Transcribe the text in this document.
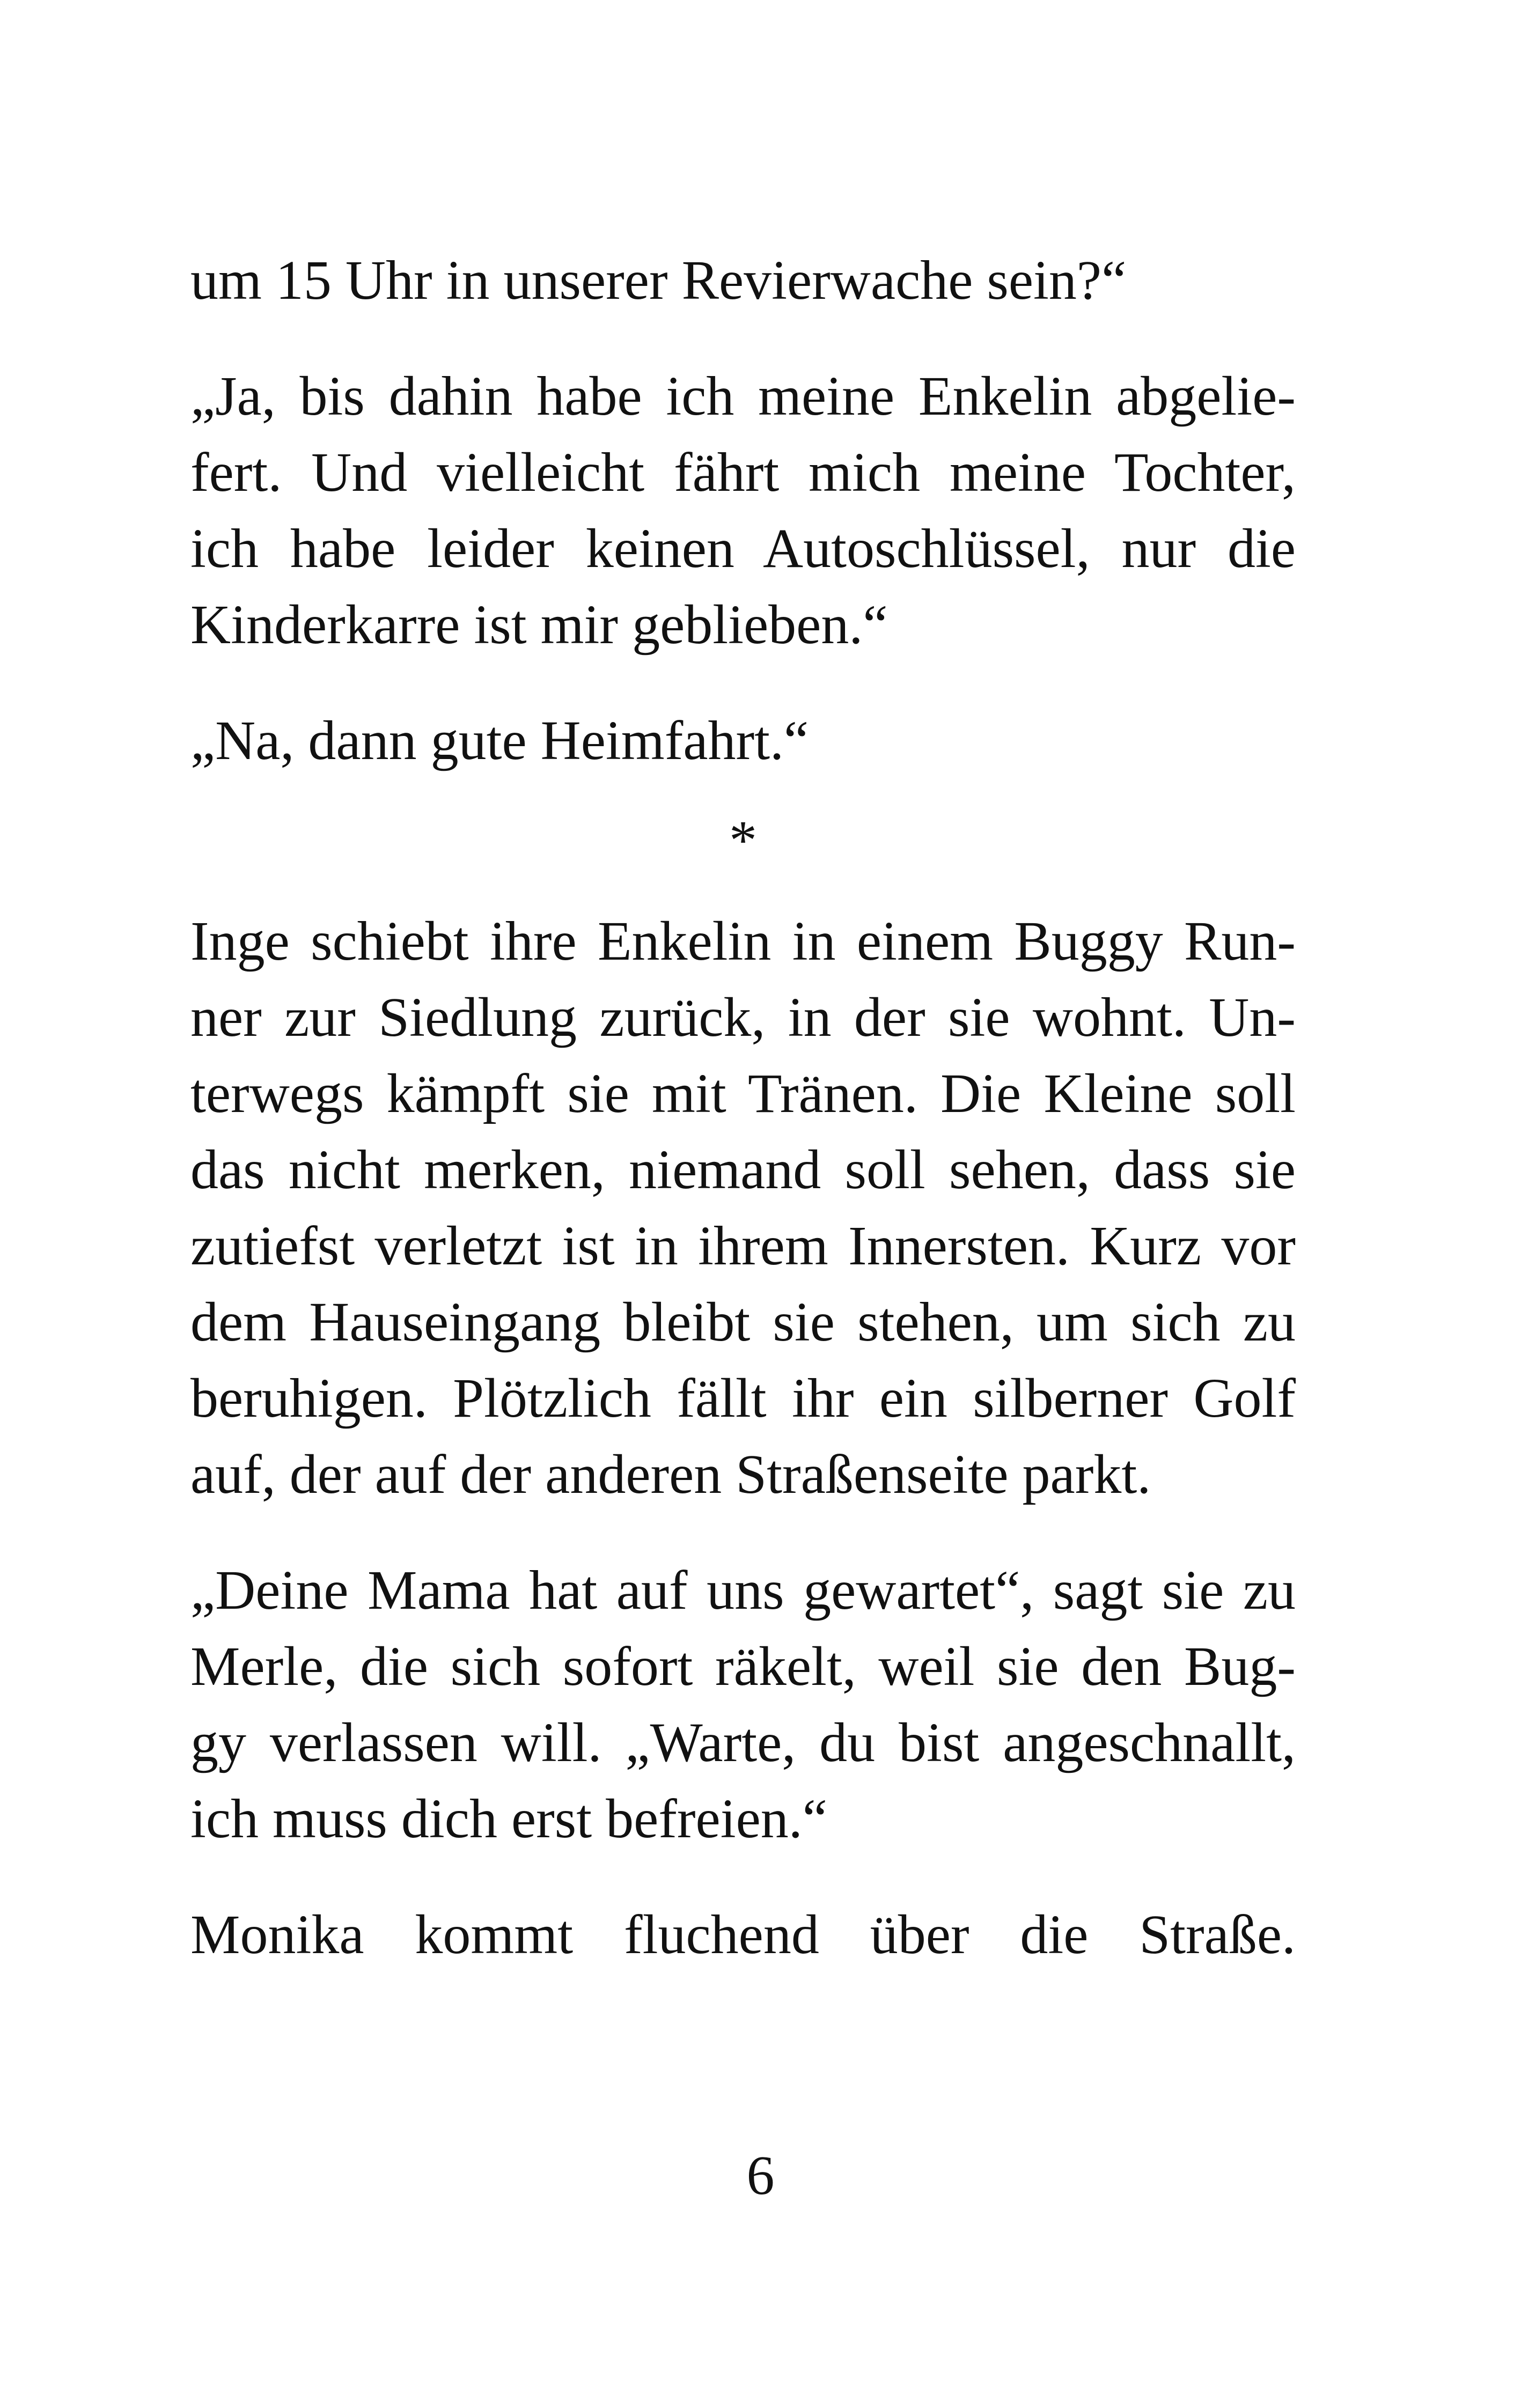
um 15 Uhr in unserer Revierwache sein?“
„Ja, bis dahin habe ich meine Enkelin abgelie-
fert. Und vielleicht fährt mich meine Tochter,
ich habe leider keinen Autoschlüssel, nur die
Kinderkarre ist mir geblieben.“
„Na, dann gute Heimfahrt.“
*
Inge schiebt ihre Enkelin in einem Buggy Run-
ner zur Siedlung zurück, in der sie wohnt. Un-
terwegs kämpft sie mit Tränen. Die Kleine soll
das nicht merken, niemand soll sehen, dass sie
zutiefst verletzt ist in ihrem Innersten. Kurz vor
dem Hauseingang bleibt sie stehen, um sich zu
beruhigen. Plötzlich fällt ihr ein silberner Golf
auf, der auf der anderen Straßenseite parkt.
„Deine Mama hat auf uns gewartet“, sagt sie zu
Merle, die sich sofort räkelt, weil sie den Bug-
gy verlassen will. „Warte, du bist angeschnallt,
ich muss dich erst befreien.“
Monika kommt fluchend über die Straße.
6
